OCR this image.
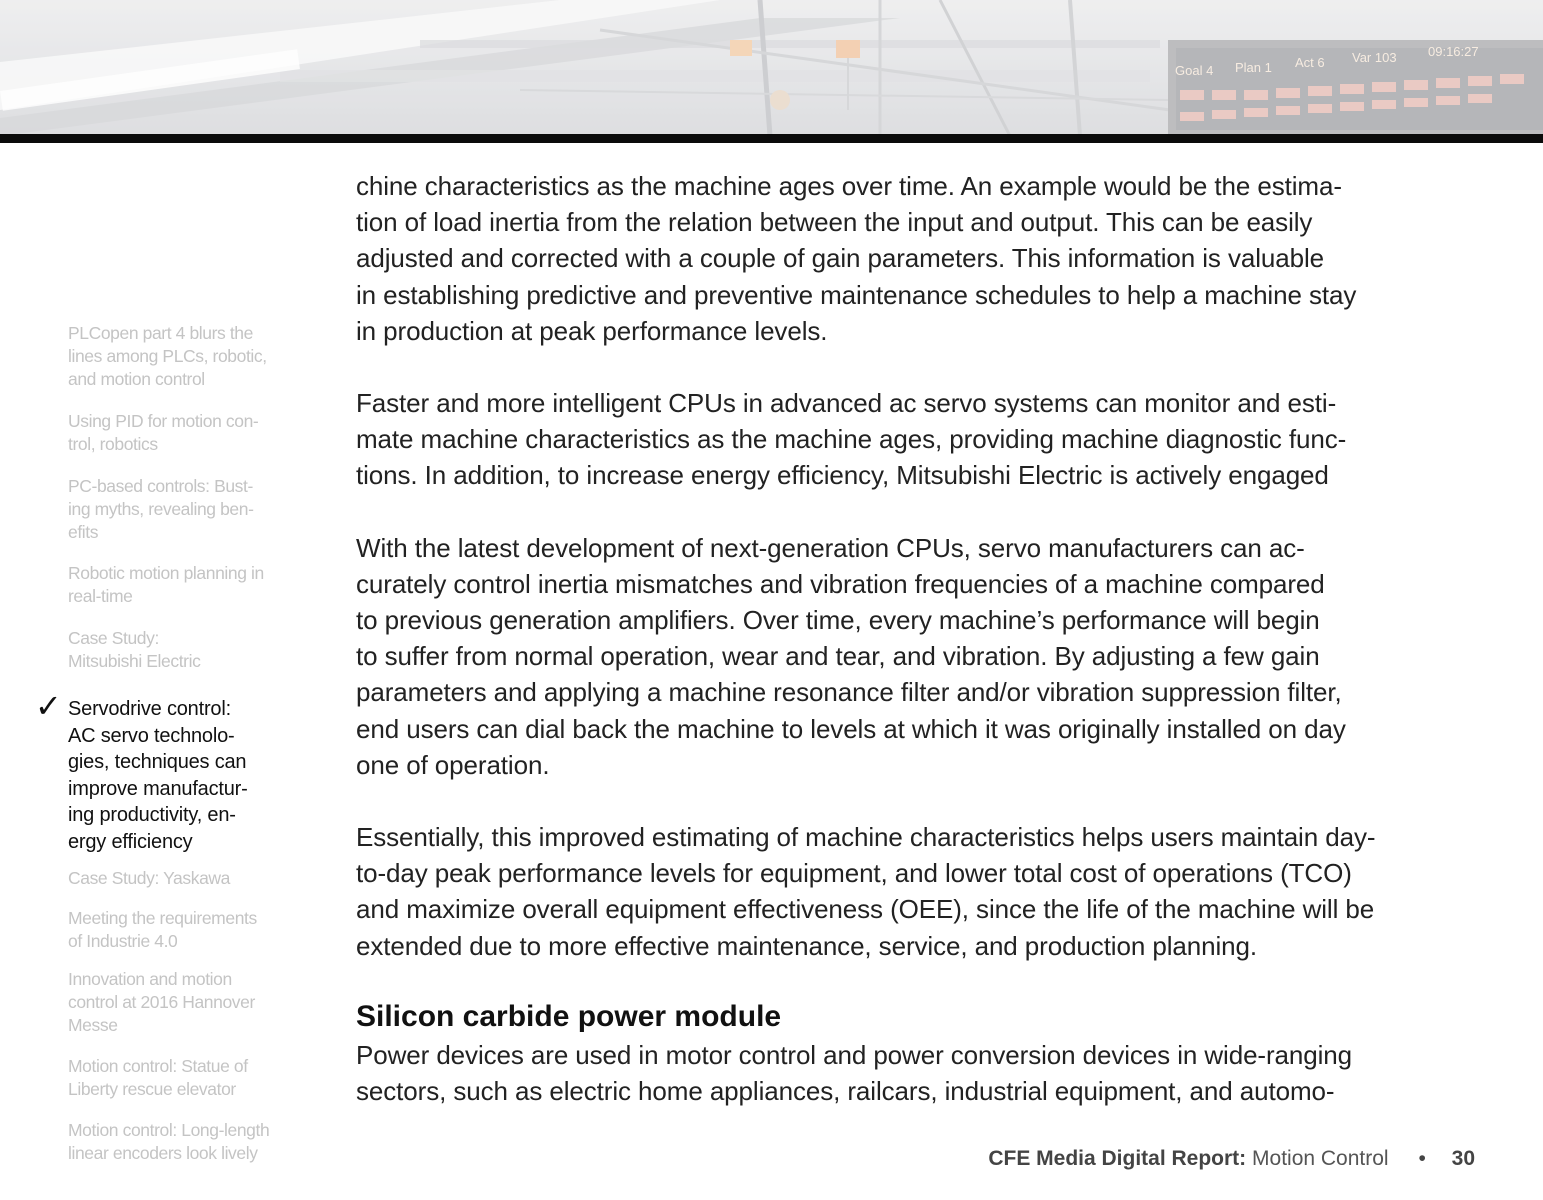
Goal 4 Plan 1 Act 6 Var 103 09:16:27
PLCopen part 4 blurs the
lines among PLCs, robotic,
and motion control
Using PID for motion con-
trol, robotics
PC-based controls: Bust-
ing myths, revealing ben-
efits
Robotic motion planning in
real-time
Case Study:
Mitsubishi Electric
✓ Servodrive control:
AC servo technolo-
gies, techniques can
improve manufactur-
ing productivity, en-
ergy efficiency
Case Study: Yaskawa
Meeting the requirements
of Industrie 4.0
Innovation and motion
control at 2016 Hannover
Messe
Motion control: Statue of
Liberty rescue elevator
Motion control: Long-length
linear encoders look lively

chine characteristics as the machine ages over time. An example would be the estima-
tion of load inertia from the relation between the input and output. This can be easily
adjusted and corrected with a couple of gain parameters. This information is valuable
in establishing predictive and preventive maintenance schedules to help a machine stay
in production at peak performance levels.

Faster and more intelligent CPUs in advanced ac servo systems can monitor and esti-
mate machine characteristics as the machine ages, providing machine diagnostic func-
tions. In addition, to increase energy efficiency, Mitsubishi Electric is actively engaged

With the latest development of next-generation CPUs, servo manufacturers can ac-
curately control inertia mismatches and vibration frequencies of a machine compared
to previous generation amplifiers. Over time, every machine’s performance will begin
to suffer from normal operation, wear and tear, and vibration. By adjusting a few gain
parameters and applying a machine resonance filter and/or vibration suppression filter,
end users can dial back the machine to levels at which it was originally installed on day
one of operation.

Essentially, this improved estimating of machine characteristics helps users maintain day-
to-day peak performance levels for equipment, and lower total cost of operations (TCO)
and maximize overall equipment effectiveness (OEE), since the life of the machine will be
extended due to more effective maintenance, service, and production planning.

Silicon carbide power module

Power devices are used in motor control and power conversion devices in wide-ranging
sectors, such as electric home appliances, railcars, industrial equipment, and automo-

CFE Media Digital Report: Motion Control • 30
